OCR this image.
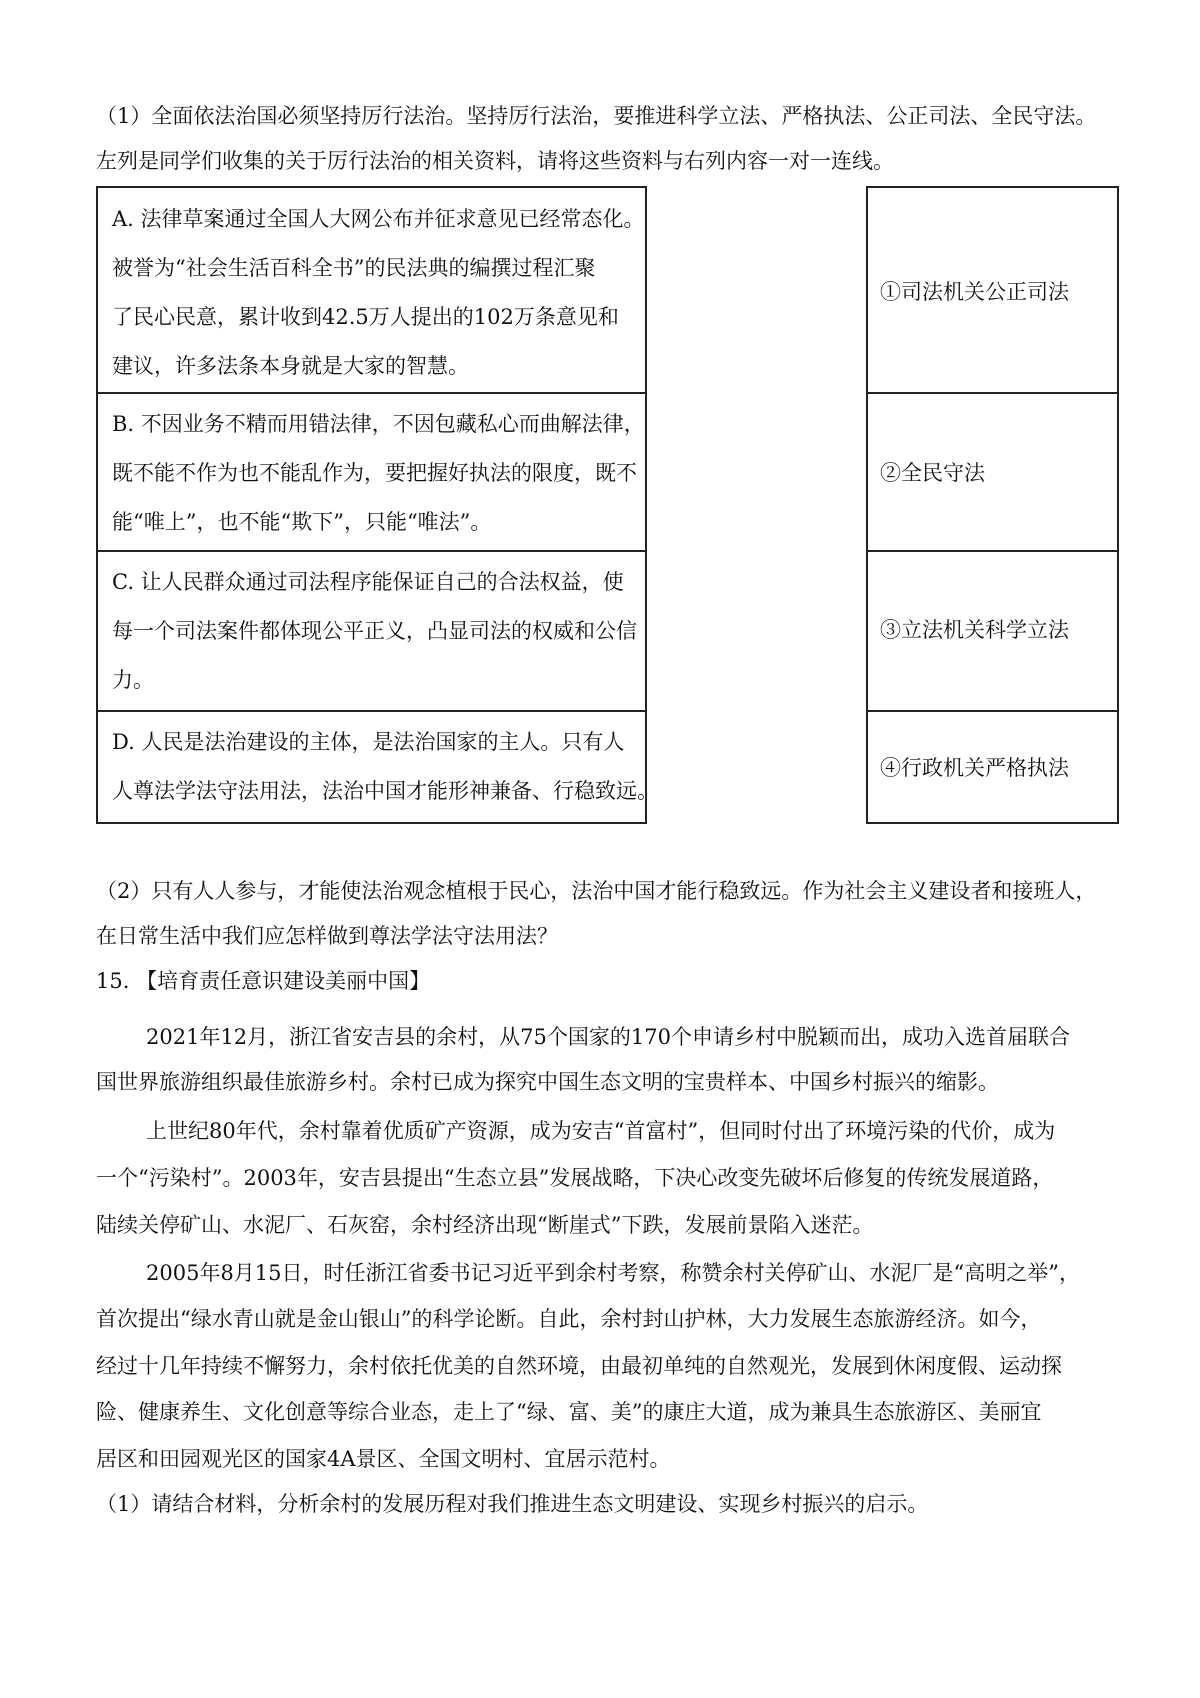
（1）全面依法治国必须坚持厉行法治。坚持厉行法治，要推进科学立法、严格执法、公正司法、全民守法。
左列是同学们收集的关于厉行法治的相关资料，请将这些资料与右列内容一对一连线。
A. 法律草案通过全国人大网公布并征求意见已经常态化。
被誉为“社会生活百科全书”的民法典的编撰过程汇聚
了民心民意，累计收到42.5万人提出的102万条意见和
建议，许多法条本身就是大家的智慧。
B. 不因业务不精而用错法律，不因包藏私心而曲解法律，
既不能不作为也不能乱作为，要把握好执法的限度，既不
能“唯上”，也不能“欺下”，只能“唯法”。
C. 让人民群众通过司法程序能保证自己的合法权益，使
每一个司法案件都体现公平正义，凸显司法的权威和公信
力。
D. 人民是法治建设的主体，是法治国家的主人。只有人
人尊法学法守法用法，法治中国才能形神兼备、行稳致远。
①司法机关公正司法
②全民守法
③立法机关科学立法
④行政机关严格执法
（2）只有人人参与，才能使法治观念植根于民心，法治中国才能行稳致远。作为社会主义建设者和接班人，
在日常生活中我们应怎样做到尊法学法守法用法？
15. 【培育责任意识建设美丽中国】
2021年12月，浙江省安吉县的余村，从75个国家的170个申请乡村中脱颖而出，成功入选首届联合
国世界旅游组织最佳旅游乡村。余村已成为探究中国生态文明的宝贵样本、中国乡村振兴的缩影。
上世纪80年代，余村靠着优质矿产资源，成为安吉“首富村”，但同时付出了环境污染的代价，成为
一个“污染村”。2003年，安吉县提出“生态立县”发展战略，下决心改变先破坏后修复的传统发展道路，
陆续关停矿山、水泥厂、石灰窑，余村经济出现“断崖式”下跌，发展前景陷入迷茫。
2005年8月15日，时任浙江省委书记习近平到余村考察，称赞余村关停矿山、水泥厂是“高明之举”，
首次提出“绿水青山就是金山银山”的科学论断。自此，余村封山护林，大力发展生态旅游经济。如今，
经过十几年持续不懈努力，余村依托优美的自然环境，由最初单纯的自然观光，发展到休闲度假、运动探
险、健康养生、文化创意等综合业态，走上了“绿、富、美”的康庄大道，成为兼具生态旅游区、美丽宜
居区和田园观光区的国家4A景区、全国文明村、宜居示范村。
（1）请结合材料，分析余村的发展历程对我们推进生态文明建设、实现乡村振兴的启示。
